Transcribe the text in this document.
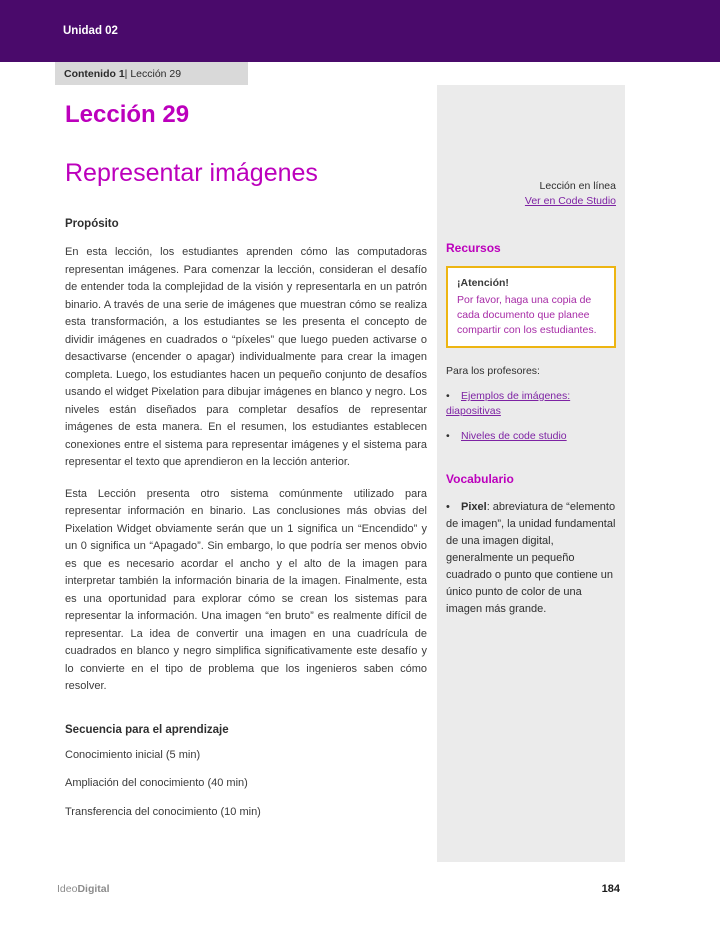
Unidad 02
Contenido 1 | Lección 29
Lección 29
Representar imágenes
Propósito

En esta lección, los estudiantes aprenden cómo las computadoras representan imágenes. Para comenzar la lección, consideran el desafío de entender toda la complejidad de la visión y representarla en un patrón binario. A través de una serie de imágenes que muestran cómo se realiza esta transformación, a los estudiantes se les presenta el concepto de dividir imágenes en cuadrados o “píxeles” que luego pueden activarse o desactivarse (encender o apagar) individualmente para crear la imagen completa. Luego, los estudiantes hacen un pequeño conjunto de desafíos usando el widget Pixelation para dibujar imágenes en blanco y negro. Los niveles están diseñados para completar desafíos de representar imágenes de esta manera. En el resumen, los estudiantes establecen conexiones entre el sistema para representar imágenes y el sistema para representar el texto que aprendieron en la lección anterior.

Esta Lección presenta otro sistema comúnmente utilizado para representar información en binario. Las conclusiones más obvias del Pixelation Widget obviamente serán que un 1 significa un “Encendido” y un 0 significa un “Apagado”. Sin embargo, lo que podría ser menos obvio es que es necesario acordar el ancho y el alto de la imagen para interpretar también la información binaria de la imagen. Finalmente, esta es una oportunidad para explorar cómo se crean los sistemas para representar la información. Una imagen “en bruto” es realmente difícil de representar. La idea de convertir una imagen en una cuadrícula de cuadrados en blanco y negro simplifica significativamente este desafío y lo convierte en el tipo de problema que los ingenieros saben cómo resolver.

Secuencia para el aprendizaje
Conocimiento inicial (5 min)
Ampliación del conocimiento (40 min)
Transferencia del conocimiento (10 min)
Lección en línea
Ver en Code Studio
Recursos
¡Atención!
Por favor, haga una copia de cada documento que planee compartir con los estudiantes.
Para los profesores:
• Ejemplos de imágenes: diapositivas
• Niveles de code studio
Vocabulario
• Pixel: abreviatura de “elemento de imagen”, la unidad fundamental de una imagen digital, generalmente un pequeño cuadrado o punto que contiene un único punto de color de una imagen más grande.
IdeoDigital	184
